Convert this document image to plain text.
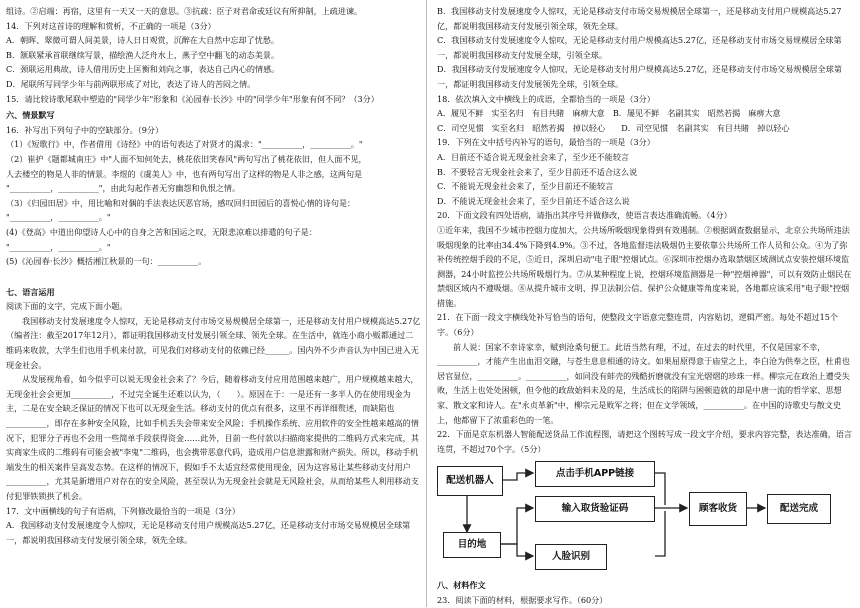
组诗。②启端：再宿，这里有一天又一天的意思。③抗疏：臣子对君命或廷议有所抑制，上疏进谏。

14．下列对这首诗的理解和赏析，不正确的一项是（3分）

A．朝晖、翠微可谓人间美景，诗人日日观赏，沉醉在大自然中忘却了忧愁。

B．颔联紧承首联继续写景，描绘渔人泛舟水上，燕子空中翻飞的动态美景。

C．颈联运用典故，诗人借用历史上匡衡和刘向之事，表达自己内心的情感。

D．尾联所写同学少年与前两联形成了对比，表达了诗人的苦闷之情。

15．请比较诗歌尾联中塑造的"同学少年"形象和《沁园春·长沙》中的"同学少年"形象有何不同？（3分）

六、情景默写

16．补写出下列句子中的空缺部分。（9分）

（1）《短歌行》中，作者借用《诗经》中的语句表达了对贤才的渴求："__________，__________。"

（2）崔护《题都城南庄》中"人面不知何处去，桃花依旧笑春风"两句写出了桃花依旧，但人面不见，

人去楼空的物是人非的情景。李煜的《虞美人》中，也有两句写出了这样的物是人非之感，这两句是

"__________，__________"，由此勾起作者无穷幽怨和仇恨之情。

（3）《归园田居》中，用比喻和对偶的手法表达厌恶官场，感叹回归田园后的喜悦心情的诗句是：

"__________，__________。"

(4)《登高》中道出仰望诗人心中的自身之苦和国运之叹，无限悲凉难以排遣的句子是：

"__________，__________。"

(5)《沁园春·长沙》概括湘江秋景的一句：__________。

七、语言运用

阅读下面的文字，完成下面小题。

我国移动支付发展速度令人惊叹，无论是移动支付市场交易规模居全球第一，还是移动支付用户规模高达5.27亿（编者注：截至2017年12月），都证明我国移动支付发展引领全球、领先全球。在生活中，就连小商小贩都通过二维码来收款，大学生们也用手机来付款，可见我们对移动支付的依赖已经______。国内外不少声音认为中国已进入无现金社会。

从发展视角看，如今似乎可以说无现金社会来了？今后，随着移动支付应用范围越来越广，用户规模越来越大，无现金社会会更加__________，不过完全诞生还难以认为，（　　）。原因在于：一是还有一多半人仍在使用现金为主，二是在安全缺乏保证的情况下也可以无现金生活。移动支付的优点有很多，这里不再详细赘述，而缺陷也__________，即存在多种安全风险，比如手机丢失会带来安全风险；手机操作系统、应用软件的安全性越来越高的情况下，犯罪分子再也不会用一些简单手段获得资金……此外，目前一些付款以扫描商家提供的二维码方式来完成，其实商家生成的二维码有可能会被"李鬼"二维码，也会携带恶意代码，造成用户信息泄露和财产损失。所以，移动手机端发生的相关案件呈高发态势。在这样的情况下，假如手不太适宜经常使用现金，因为这容易让某些移动支付用户__________，尤其是新增用户对存在的安全风险，甚至误认为无现金社会就是无风险社会，从而给某些人利用移动支付犯罪铁锁拱了机会。

17．文中画横线的句子有语病，下列修改最恰当的一项是（3分）

A．我国移动支付发展速度令人惊叹，无论是移动支付用户规模高达5.27亿，还是移动支付市场交易规模居全球第一，都说明我国移动支付发展引领全球，领先全球。

B．我国移动支付发展速度令人惊叹，无论是移动支付市场交易规模居全球第一，还是移动支付用户规模高达5.27亿，都说明我国移动支付发展引领全球，领先全球。

C．我国移动支付发展速度令人惊叹，无论是移动支付用户规模高达5.27亿，还是移动支付市场交易规模居全球第一，都说明我国移动支付发展全球，引领全球。

D．我国移动支付发展速度令人惊叹，无论是移动支付用户规模高达5.27亿，还是移动支付市场交易规模居全球第一，都证明我国移动支付发展领先全球，引领全球。

18．依次填入文中横线上的成语，全都恰当的一项是（3分）

A．履见不鲜　实至名归　有目共睹　麻痹大意　B．屡见不鲜　名副其实　昭然若揭　麻痹大意

C．司空见惯　实至名归　昭然若揭　掉以轻心　　D．司空见惯　名副其实　有目共睹　掉以轻心

19．下列在文中括号内补写的语句，最恰当的一项是（3分）

A．目前还不适合说无现金社会来了，至少还不能较言

B．不要轻言无现金社会来了，至少目前还不适合这么说

C．不能说无现金社会来了，至少目前还不能较言

D．不能说无现金社会来了，至少目前还不适合这么说

20．下面文段有四处语病，请指出其序号并做修改，使语言表达准确流畅。（4分）

①近年来，我国不少城市控烟力度加大，公共场所吸烟现象得到有效遏制。②根据调查数据显示，北京公共场所违法吸烟现象的比率由34.4%下降到4.9%。③不过，各地监督违法吸烟仍主要依靠公共场所工作人员和公众。④为了弥补传统控烟手段的不足，⑤近日，深圳启动"电子眼"控烟试点。⑥深圳市控烟办选取禁烟区域测试点安装控烟环境监测器，24小时监控公共场所吸烟行为。⑦从某种程度上说，控烟环境监测器是一种"控烟神器"，可以有效防止烟民在禁烟区域内不遵吸烟。⑧从提升城市文明、捍卫法制公信、保护公众健康等角度来说，各地都应该采用"电子眼"控烟措施。

21．在下面一段文字横线处补写恰当的语句，使整段文字语意完整连贯，内容贴切，逻辑严密。每处不超过15个字。（6分）

前人说：国家不幸诗家幸，赋到沧桑句便工。此语当然有理，不过，在过去的时代里，不仅是国家不幸，__________，才能产生出血泪交融，与苍生息息相通的诗文。如果屈原得意于庙堂之上，李白沧为供奉之臣，杜甫也居官显位，__________。__________，如同没有蚌壳的残酷折磨就没有宝光熠熠的珍珠一样。柳宗元在政治上遭受失败，生活上也处处困顿，但令他的政敌始料未及的是，生活成长的陷阱与困顿造就的却是中唐一流的哲学家、思想家、散文家和诗人。在"永贞革新"中，柳宗元是败军之将；但在文学领域，__________。在中国的诗歌史与散文史上，他都留下了浓重彩色的一笔。

22．下面是京东机器人智能配送货品工作流程图，请把这个图转写成一段文字介绍，要求内容完整，表达准确，语言连贯，不超过70个字。（5分）

配送机器人
目的地
点击手机APP链接
输入取货验证码
人脸识别
顾客收货	配送完成

八、材料作文

23．阅读下面的材料，根据要求写作。（60分）
